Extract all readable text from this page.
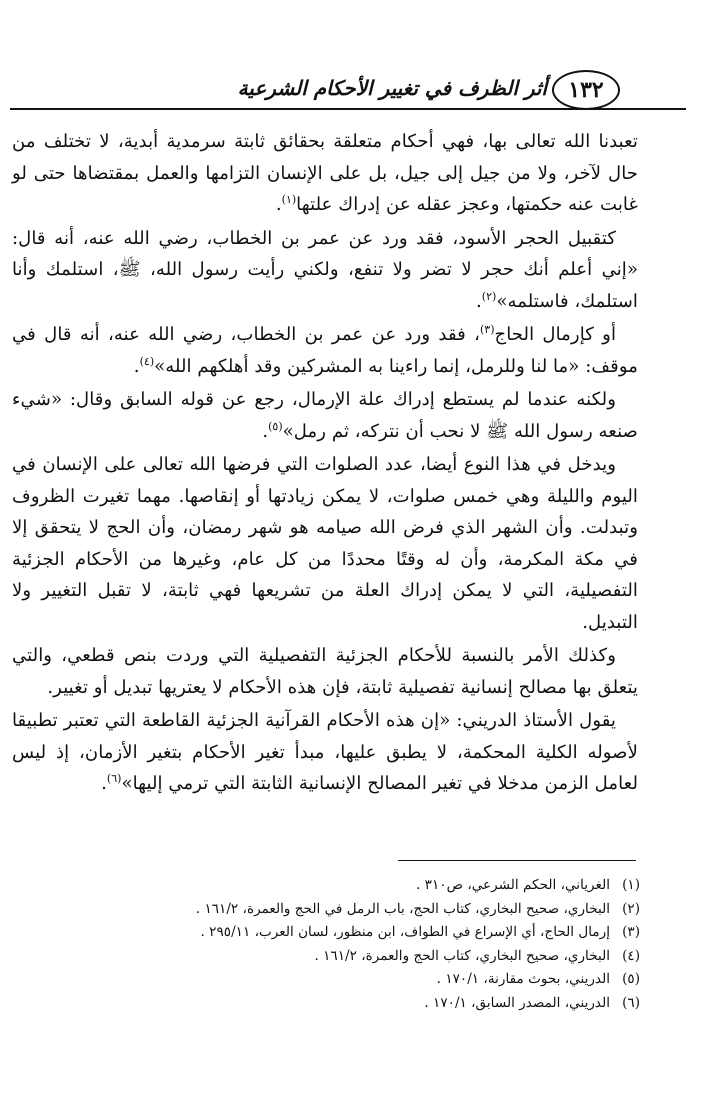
١٣٢
أثر الظرف في تغيير الأحكام الشرعية

تعبدنا الله تعالى بها، فهي أحكام متعلقة بحقائق ثابتة سرمدية أبدية، لا تختلف من حال لآخر، ولا من جيل إلى جيل، بل على الإنسان التزامها والعمل بمقتضاها حتى لو غابت عنه حكمتها، وعجز عقله عن إدراك علتها$^{(١)}$.

كتقبيل الحجر الأسود، فقد ورد عن عمر بن الخطاب، رضي الله عنه، أنه قال: «إني أعلم أنك حجر لا تضر ولا تنفع، ولكني رأيت رسول الله، ﷺ، استلمك وأنا استلمك، فاستلمه»$^{(٢)}$.

أو كإرمال الحاج$^{(٣)}$، فقد ورد عن عمر بن الخطاب، رضي الله عنه، أنه قال في موقف: «ما لنا وللرمل، إنما راءينا به المشركين وقد أهلكهم الله»$^{(٤)}$.

ولكنه عندما لم يستطع إدراك علة الإرمال، رجع عن قوله السابق وقال: «شيء صنعه رسول الله ﷺ لا نحب أن نتركه، ثم رمل»$^{(٥)}$.

ويدخل في هذا النوع أيضا، عدد الصلوات التي فرضها الله تعالى على الإنسان في اليوم والليلة وهي خمس صلوات، لا يمكن زيادتها أو إنقاصها. مهما تغيرت الظروف وتبدلت. وأن الشهر الذي فرض الله صيامه هو شهر رمضان، وأن الحج لا يتحقق إلا في مكة المكرمة، وأن له وقتًا محددًا من كل عام، وغيرها من الأحكام الجزئية التفصيلية، التي لا يمكن إدراك العلة من تشريعها فهي ثابتة، لا تقبل التغيير ولا التبديل.

وكذلك الأمر بالنسبة للأحكام الجزئية التفصيلية التي وردت بنص قطعي، والتي يتعلق بها مصالح إنسانية تفصيلية ثابتة، فإن هذه الأحكام لا يعتريها تبديل أو تغيير.

يقول الأستاذ الدريني: «إن هذه الأحكام القرآنية الجزئية القاطعة التي تعتبر تطبيقا لأصوله الكلية المحكمة، لا يطبق عليها، مبدأ تغير الأحكام بتغير الأزمان، إذ ليس لعامل الزمن مدخلا في تغير المصالح الإنسانية الثابتة التي ترمي إليها»$^{(٦)}$.

(١)
الغرياني، الحكم الشرعي، ص٣١٠ .
(٢)
البخاري، صحيح البخاري، كتاب الحج، باب الرمل في الحج والعمرة، ١٦١/٢ .
(٣)
إرمال الحاج، أي الإسراع في الطواف، ابن منظور، لسان العرب، ٢٩٥/١١ .
(٤)
البخاري، صحيح البخاري، كتاب الحج والعمرة، ١٦١/٢ .
(٥)
الدريني، بحوث مقارنة، ١٧٠/١ .
(٦)
الدريني، المصدر السابق، ١٧٠/١ .
